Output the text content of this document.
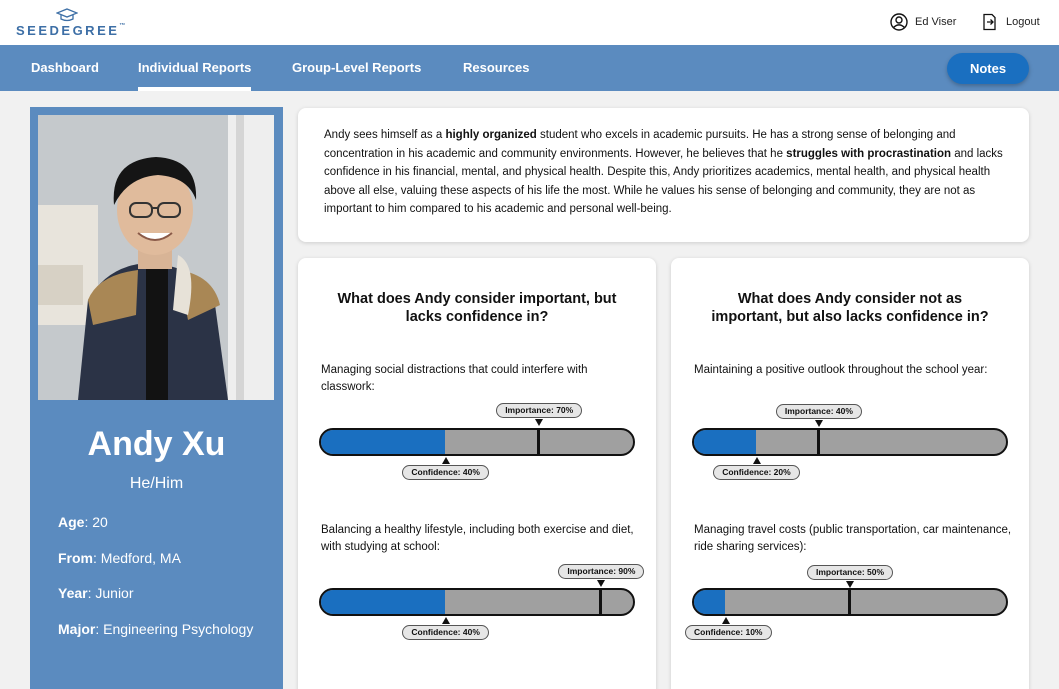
SEEDEGREE™	Ed Viser	Logout
Dashboard	Individual Reports	Group-Level Reports	Resources	Notes
Andy Xu
He/Him
Age: 20
From: Medford, MA
Year: Junior
Major: Engineering Psychology

Andy sees himself as a highly organized student who excels in academic pursuits. He has a strong sense of belonging and concentration in his academic and community environments. However, he believes that he struggles with procrastination and lacks confidence in his financial, mental, and physical health. Despite this, Andy prioritizes academics, mental health, and physical health above all else, valuing these aspects of his life the most. While he values his sense of belonging and community, they are not as important to him compared to his academic and personal well-being.

What does Andy consider important, but lacks confidence in?
Managing social distractions that could interfere with classwork:
Importance: 70%
Confidence: 40%
Balancing a healthy lifestyle, including both exercise and diet, with studying at school:
Importance: 90%
Confidence: 40%
What does Andy consider not as important, but also lacks confidence in?
Maintaining a positive outlook throughout the school year:
Importance: 40%
Confidence: 20%
Managing travel costs (public transportation, car maintenance, ride sharing services):
Importance: 50%
Confidence: 10%
